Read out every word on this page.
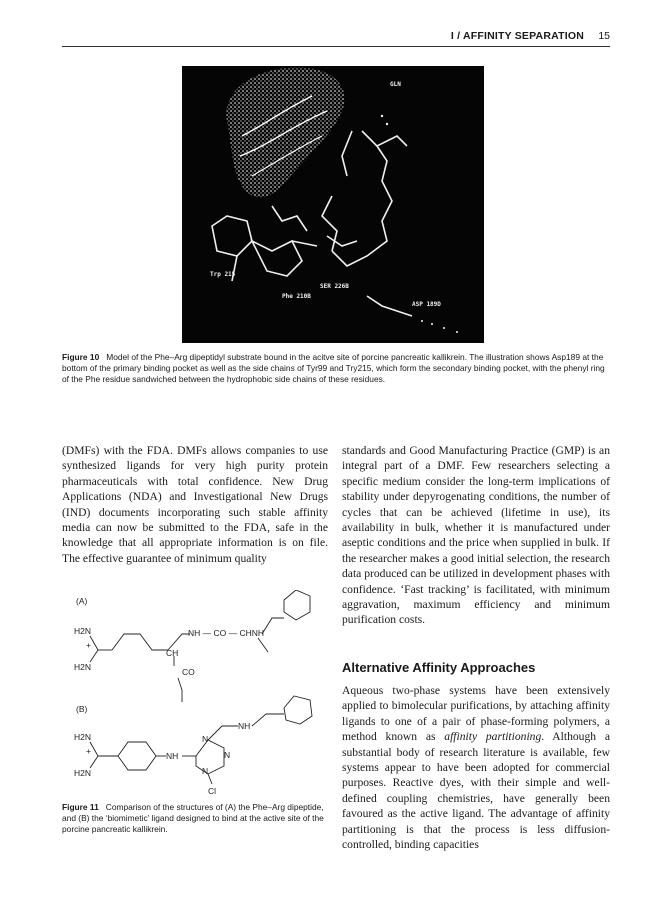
I / AFFINITY SEPARATION 15
Trp 215
SER 226B
Phe 210B
ASP 189D
GLN
Figure 10 Model of the Phe–Arg dipeptidyl substrate bound in the acitve site of porcine pancreatic kallikrein. The illustration shows Asp189 at the bottom of the primary binding pocket as well as the side chains of Tyr99 and Try215, which form the secondary binding pocket, with the phenyl ring of the Phe residue sandwiched between the hydrophobic side chains of these residues.

(DMFs) with the FDA. DMFs allows companies to use synthesized ligands for very high purity protein pharmaceuticals with total confidence. New Drug Applications (NDA) and Investigational New Drugs (IND) documents incorporating such stable affinity media can now be submitted to the FDA, safe in the knowledge that all appropriate information is on file. The effective guarantee of minimum quality

standards and Good Manufacturing Practice (GMP) is an integral part of a DMF. Few researchers selecting a specific medium consider the long-term implications of stability under depyrogenating conditions, the number of cycles that can be achieved (lifetime in use), its availability in bulk, whether it is manufactured under aseptic conditions and the price when supplied in bulk. If the researcher makes a good initial selection, the research data produced can be utilized in development phases with confidence. ‘Fast tracking’ is facilitated, with minimum aggravation, maximum efficiency and minimum purification costs.

Alternative Affinity Approaches

Aqueous two-phase systems have been extensively applied to bimolecular purifications, by attaching affinity ligands to one of a pair of phase-forming polymers, a method known as affinity partitioning. Although a substantial body of research literature is available, few systems appear to have been adopted for commercial purposes. Reactive dyes, with their simple and well-defined coupling chemistries, have generally been favoured as the active ligand. The advantage of affinity partitioning is that the process is less diffusion-controlled, binding capacities

(A)
H2N
+
H2N
NH — CO — CHNH
CH
CO
(B)
H2N
+
H2N
NH
NH
N
N
N
Cl
Figure 11 Comparison of the structures of (A) the Phe–Arg dipeptide, and (B) the ‘biomimetic’ ligand designed to bind at the active site of the porcine pancreatic kallikrein.
